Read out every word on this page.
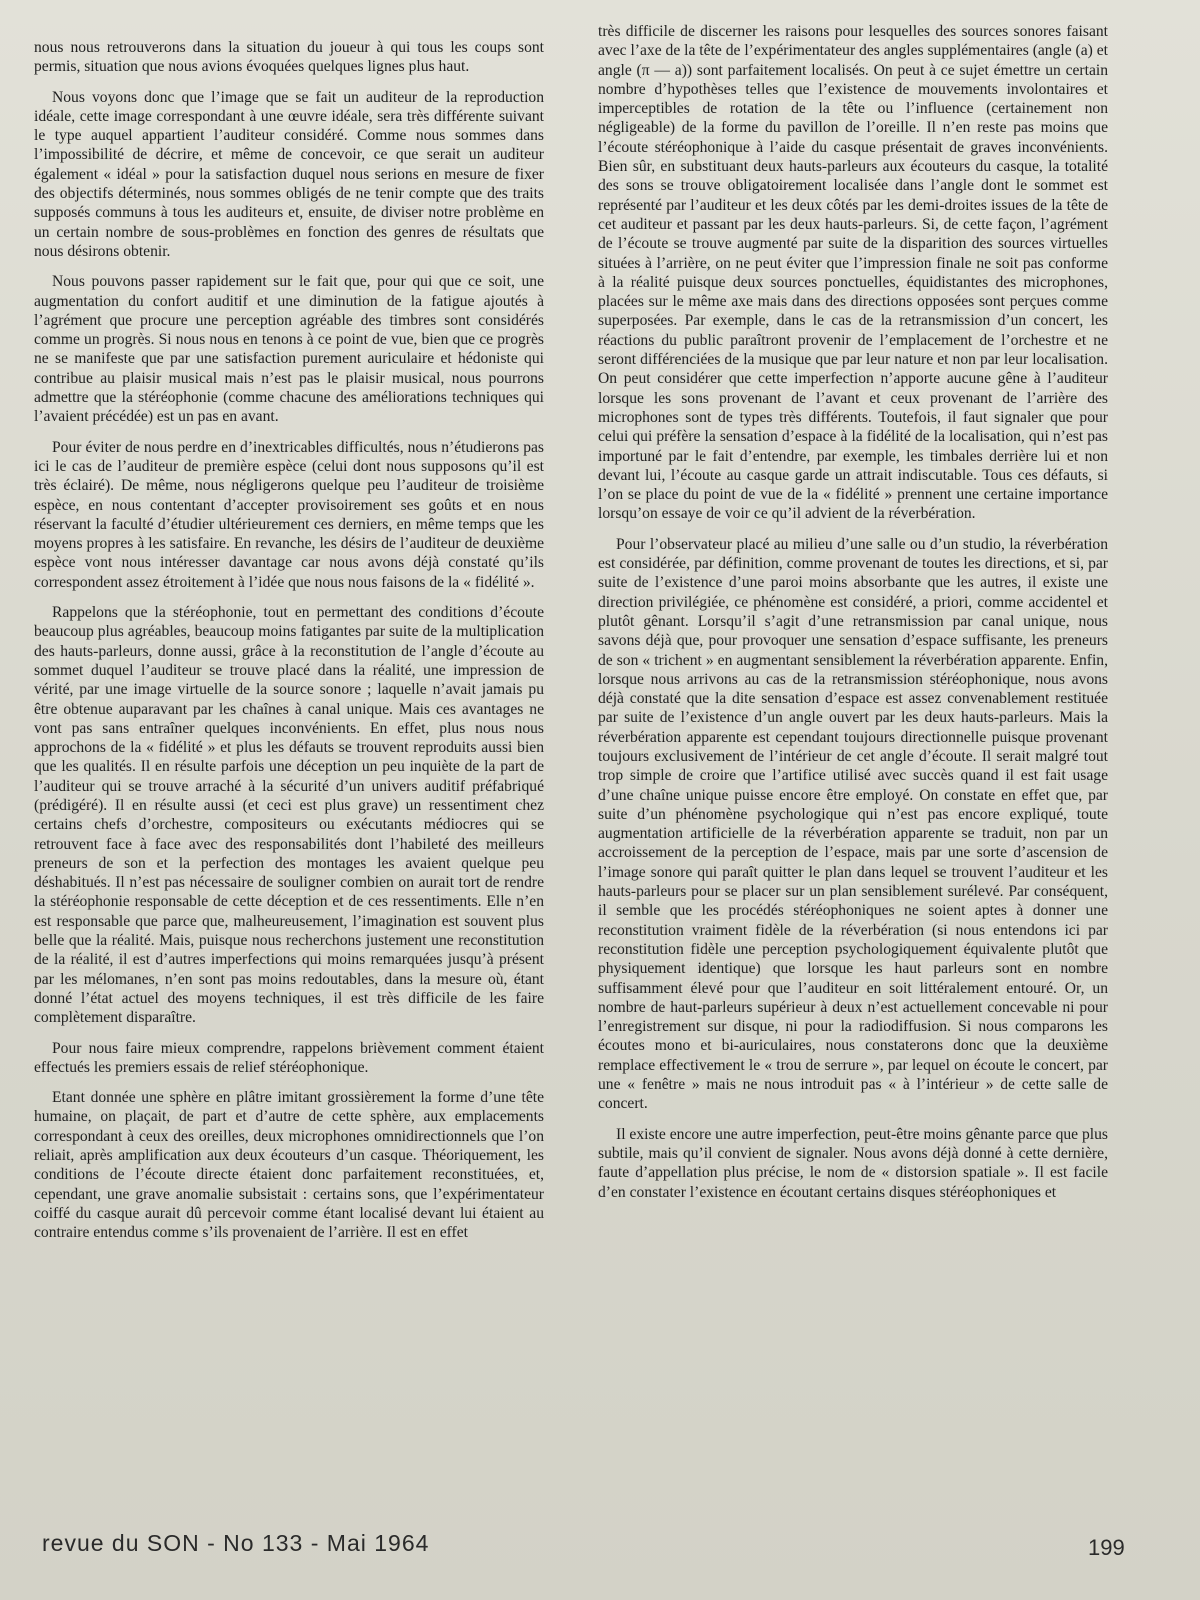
nous nous retrouverons dans la situation du joueur à qui tous les coups sont permis, situation que nous avions évoquées quelques lignes plus haut.

Nous voyons donc que l’image que se fait un auditeur de la reproduction idéale, cette image correspondant à une œuvre idéale, sera très différente suivant le type auquel appartient l’auditeur considéré. Comme nous sommes dans l’impossibilité de décrire, et même de concevoir, ce que serait un auditeur également « idéal » pour la satisfaction duquel nous serions en mesure de fixer des objectifs déterminés, nous sommes obligés de ne tenir compte que des traits supposés communs à tous les auditeurs et, ensuite, de diviser notre problème en un certain nombre de sous-problèmes en fonction des genres de résultats que nous désirons obtenir.

Nous pouvons passer rapidement sur le fait que, pour qui que ce soit, une augmentation du confort auditif et une diminution de la fatigue ajoutés à l’agrément que procure une perception agréable des timbres sont considérés comme un progrès. Si nous nous en tenons à ce point de vue, bien que ce progrès ne se manifeste que par une satisfaction purement auriculaire et hédoniste qui contribue au plaisir musical mais n’est pas le plaisir musical, nous pourrons admettre que la stéréophonie (comme chacune des améliorations techniques qui l’avaient précédée) est un pas en avant.

Pour éviter de nous perdre en d’inextricables difficultés, nous n’étudierons pas ici le cas de l’auditeur de première espèce (celui dont nous supposons qu’il est très éclairé). De même, nous négligerons quelque peu l’auditeur de troisième espèce, en nous contentant d’accepter provisoirement ses goûts et en nous réservant la faculté d’étudier ultérieurement ces derniers, en même temps que les moyens propres à les satisfaire. En revanche, les désirs de l’auditeur de deuxième espèce vont nous intéresser davantage car nous avons déjà constaté qu’ils correspondent assez étroitement à l’idée que nous nous faisons de la « fidélité ».

Rappelons que la stéréophonie, tout en permettant des conditions d’écoute beaucoup plus agréables, beaucoup moins fatigantes par suite de la multiplication des hauts-parleurs, donne aussi, grâce à la reconstitution de l’angle d’écoute au sommet duquel l’auditeur se trouve placé dans la réalité, une impression de vérité, par une image virtuelle de la source sonore ; laquelle n’avait jamais pu être obtenue auparavant par les chaînes à canal unique. Mais ces avantages ne vont pas sans entraîner quelques inconvénients. En effet, plus nous nous approchons de la « fidélité » et plus les défauts se trouvent reproduits aussi bien que les qualités. Il en résulte parfois une déception un peu inquiète de la part de l’auditeur qui se trouve arraché à la sécurité d’un univers auditif préfabriqué (prédigéré). Il en résulte aussi (et ceci est plus grave) un ressentiment chez certains chefs d’orchestre, compositeurs ou exécutants médiocres qui se retrouvent face à face avec des responsabilités dont l’habileté des meilleurs preneurs de son et la perfection des montages les avaient quelque peu déshabitués. Il n’est pas nécessaire de souligner combien on aurait tort de rendre la stéréophonie responsable de cette déception et de ces ressentiments. Elle n’en est responsable que parce que, malheureusement, l’imagination est souvent plus belle que la réalité. Mais, puisque nous recherchons justement une reconstitution de la réalité, il est d’autres imperfections qui moins remarquées jusqu’à présent par les mélomanes, n’en sont pas moins redoutables, dans la mesure où, étant donné l’état actuel des moyens techniques, il est très difficile de les faire complètement disparaître.

Pour nous faire mieux comprendre, rappelons brièvement comment étaient effectués les premiers essais de relief stéréophonique.

Etant donnée une sphère en plâtre imitant grossièrement la forme d’une tête humaine, on plaçait, de part et d’autre de cette sphère, aux emplacements correspondant à ceux des oreilles, deux microphones omnidirectionnels que l’on reliait, après amplification aux deux écouteurs d’un casque. Théoriquement, les conditions de l’écoute directe étaient donc parfaitement reconstituées, et, cependant, une grave anomalie subsistait : certains sons, que l’expérimentateur coiffé du casque aurait dû percevoir comme étant localisé devant lui étaient au contraire entendus comme s’ils provenaient de l’arrière. Il est en effet

très difficile de discerner les raisons pour lesquelles des sources sonores faisant avec l’axe de la tête de l’expérimentateur des angles supplémentaires (angle (a) et angle (π — a)) sont parfaitement localisés. On peut à ce sujet émettre un certain nombre d’hypothèses telles que l’existence de mouvements involontaires et imperceptibles de rotation de la tête ou l’influence (certainement non négligeable) de la forme du pavillon de l’oreille. Il n’en reste pas moins que l’écoute stéréophonique à l’aide du casque présentait de graves inconvénients. Bien sûr, en substituant deux hauts-parleurs aux écouteurs du casque, la totalité des sons se trouve obligatoirement localisée dans l’angle dont le sommet est représenté par l’auditeur et les deux côtés par les demi-droites issues de la tête de cet auditeur et passant par les deux hauts-parleurs. Si, de cette façon, l’agrément de l’écoute se trouve augmenté par suite de la disparition des sources virtuelles situées à l’arrière, on ne peut éviter que l’impression finale ne soit pas conforme à la réalité puisque deux sources ponctuelles, équidistantes des microphones, placées sur le même axe mais dans des directions opposées sont perçues comme superposées. Par exemple, dans le cas de la retransmission d’un concert, les réactions du public paraîtront provenir de l’emplacement de l’orchestre et ne seront différenciées de la musique que par leur nature et non par leur localisation. On peut considérer que cette imperfection n’apporte aucune gêne à l’auditeur lorsque les sons provenant de l’avant et ceux provenant de l’arrière des microphones sont de types très différents. Toutefois, il faut signaler que pour celui qui préfère la sensation d’espace à la fidélité de la localisation, qui n’est pas importuné par le fait d’entendre, par exemple, les timbales derrière lui et non devant lui, l’écoute au casque garde un attrait indiscutable. Tous ces défauts, si l’on se place du point de vue de la « fidélité » prennent une certaine importance lorsqu’on essaye de voir ce qu’il advient de la réverbération.

Pour l’observateur placé au milieu d’une salle ou d’un studio, la réverbération est considérée, par définition, comme provenant de toutes les directions, et si, par suite de l’existence d’une paroi moins absorbante que les autres, il existe une direction privilégiée, ce phénomène est considéré, a priori, comme accidentel et plutôt gênant. Lorsqu’il s’agit d’une retransmission par canal unique, nous savons déjà que, pour provoquer une sensation d’espace suffisante, les preneurs de son « trichent » en augmentant sensiblement la réverbération apparente. Enfin, lorsque nous arrivons au cas de la retransmission stéréophonique, nous avons déjà constaté que la dite sensation d’espace est assez convenablement restituée par suite de l’existence d’un angle ouvert par les deux hauts-parleurs. Mais la réverbération apparente est cependant toujours directionnelle puisque provenant toujours exclusivement de l’intérieur de cet angle d’écoute. Il serait malgré tout trop simple de croire que l’artifice utilisé avec succès quand il est fait usage d’une chaîne unique puisse encore être employé. On constate en effet que, par suite d’un phénomène psychologique qui n’est pas encore expliqué, toute augmentation artificielle de la réverbération apparente se traduit, non par un accroissement de la perception de l’espace, mais par une sorte d’ascension de l’image sonore qui paraît quitter le plan dans lequel se trouvent l’auditeur et les hauts-parleurs pour se placer sur un plan sensiblement surélevé. Par conséquent, il semble que les procédés stéréophoniques ne soient aptes à donner une reconstitution vraiment fidèle de la réverbération (si nous entendons ici par reconstitution fidèle une perception psychologiquement équivalente plutôt que physiquement identique) que lorsque les haut parleurs sont en nombre suffisamment élevé pour que l’auditeur en soit littéralement entouré. Or, un nombre de haut-parleurs supérieur à deux n’est actuellement concevable ni pour l’enregistrement sur disque, ni pour la radiodiffusion. Si nous comparons les écoutes mono et bi-auriculaires, nous constaterons donc que la deuxième remplace effectivement le « trou de serrure », par lequel on écoute le concert, par une « fenêtre » mais ne nous introduit pas « à l’intérieur » de cette salle de concert.

Il existe encore une autre imperfection, peut-être moins gênante parce que plus subtile, mais qu’il convient de signaler. Nous avons déjà donné à cette dernière, faute d’appellation plus précise, le nom de « distorsion spatiale ». Il est facile d’en constater l’existence en écoutant certains disques stéréophoniques et

revue du SON - No 133 - Mai 1964	199
